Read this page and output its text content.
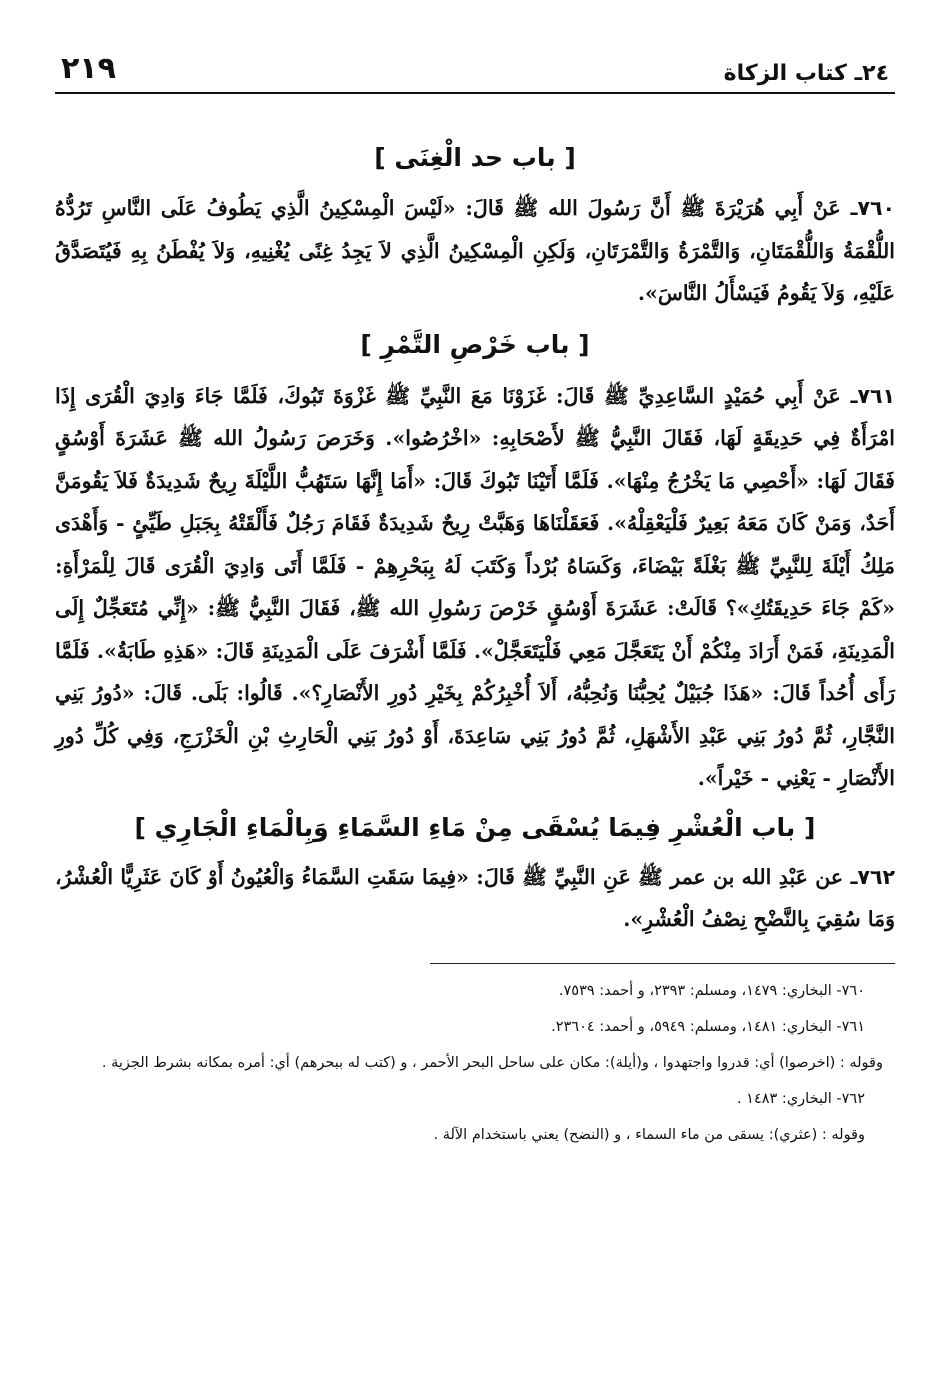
٢٤ـ كتاب الزكاة
٢١٩
[ باب حد الْغِنَى ]

٧٦٠ـ عَنْ أَبِي هُرَيْرَةَ ﷺ أَنَّ رَسُولَ الله ﷺ قَالَ: «لَيْسَ الْمِسْكِينُ الَّذِي يَطُوفُ عَلَى النَّاسِ تَرُدُّهُ اللُّقْمَةُ وَاللُّقْمَتَانِ، وَالتَّمْرَةُ وَالتَّمْرَتَانِ، وَلَكِنِ الْمِسْكِينُ الَّذِي لاَ يَجِدُ غِنًى يُغْنِيهِ، وَلاَ يُفْطَنُ بِهِ فَيُتَصَدَّقُ عَلَيْهِ، وَلاَ يَقُومُ فَيَسْأَلُ النَّاسَ».

[ باب خَرْصِ التَّمْرِ ]

٧٦١ـ عَنْ أَبِي حُمَيْدٍ السَّاعِدِيِّ ﷺ قَالَ: غَزَوْنَا مَعَ النَّبِيِّ ﷺ غَزْوَةَ تَبُوكَ، فَلَمَّا جَاءَ وَادِيَ الْقُرَى إِذَا امْرَأَةٌ فِي حَدِيقَةٍ لَهَا، فَقَالَ النَّبِيُّ ﷺ لأَصْحَابِهِ: «اخْرُصُوا». وَخَرَصَ رَسُولُ الله ﷺ عَشَرَةَ أَوْسُقٍ فَقَالَ لَهَا: «أَحْصِي مَا يَخْرُجُ مِنْهَا». فَلَمَّا أَتَيْنَا تَبُوكَ قَالَ: «أَمَا إِنَّهَا سَتَهُبُّ اللَّيْلَةَ رِيحٌ شَدِيدَةٌ فَلاَ يَقُومَنَّ أَحَدٌ، وَمَنْ كَانَ مَعَهُ بَعِيرٌ فَلْيَعْقِلْهُ». فَعَقَلْنَاهَا وَهَبَّتْ رِيحٌ شَدِيدَةٌ فَقَامَ رَجُلٌ فَأَلْقَتْهُ بِجَبَلِ طَيِّئٍ - وَأَهْدَى مَلِكُ أَيْلَةَ لِلنَّبِيِّ ﷺ بَغْلَةً بَيْضَاءَ، وَكَسَاهُ بُرْداً وَكَتَبَ لَهُ بِبَحْرِهِمْ - فَلَمَّا أَتَى وَادِيَ الْقُرَى قَالَ لِلْمَرْأَةِ: «كَمْ جَاءَ حَدِيقَتُكِ»؟ قَالَتْ: عَشَرَةَ أَوْسُقٍ خَرْصَ رَسُولِ الله ﷺ، فَقَالَ النَّبِيُّ ﷺ: «إِنِّي مُتَعَجِّلٌ إِلَى الْمَدِينَةِ، فَمَنْ أَرَادَ مِنْكُمْ أَنْ يَتَعَجَّلَ مَعِي فَلْيَتَعَجَّلْ». فَلَمَّا أَشْرَفَ عَلَى الْمَدِينَةِ قَالَ: «هَذِهِ طَابَةُ». فَلَمَّا رَأَى أُحُداً قَالَ: «هَذَا جُبَيْلٌ يُحِبُّنَا وَنُحِبُّهُ، أَلاَ أُخْبِرُكُمْ بِخَيْرِ دُورِ الأَنْصَارِ؟». قَالُوا: بَلَى. قَالَ: «دُورُ بَنِي النَّجَّارِ، ثُمَّ دُورُ بَنِي عَبْدِ الأَشْهَلِ، ثُمَّ دُورُ بَنِي سَاعِدَةَ، أَوْ دُورُ بَنِي الْحَارِثِ بْنِ الْخَزْرَجِ، وَفِي كُلِّ دُورِ الأَنْصَارِ - يَعْنِي - خَيْراً».

[ باب الْعُشْرِ فِيمَا يُسْقَى مِنْ مَاءِ السَّمَاءِ وَبِالْمَاءِ الْجَارِي ]

٧٦٢ـ عن عَبْدِ الله بن عمر ﷺ عَنِ النَّبِيِّ ﷺ قَالَ: «فِيمَا سَقَتِ السَّمَاءُ وَالْعُيُونُ أَوْ كَانَ عَثَرِيًّا الْعُشْرُ، وَمَا سُقِيَ بِالنَّضْحِ نِصْفُ الْعُشْرِ».

٧٦٠- البخاري: ١٤٧٩، ومسلم: ٢٣٩٣، و أحمد: ٧٥٣٩.

٧٦١- البخاري: ١٤٨١، ومسلم: ٥٩٤٩، و أحمد: ٢٣٦٠٤.

وقوله : (اخرصوا) أي: قدروا واجتهدوا ، و(أيلة): مكان على ساحل البحر الأحمر ، و (كتب له ببحرهم) أي: أمره بمكانه بشرط الجزية .

٧٦٢- البخاري: ١٤٨٣ .

وقوله : (عثري): يسقى من ماء السماء ، و (النضح) يعني باستخدام الآلة .
